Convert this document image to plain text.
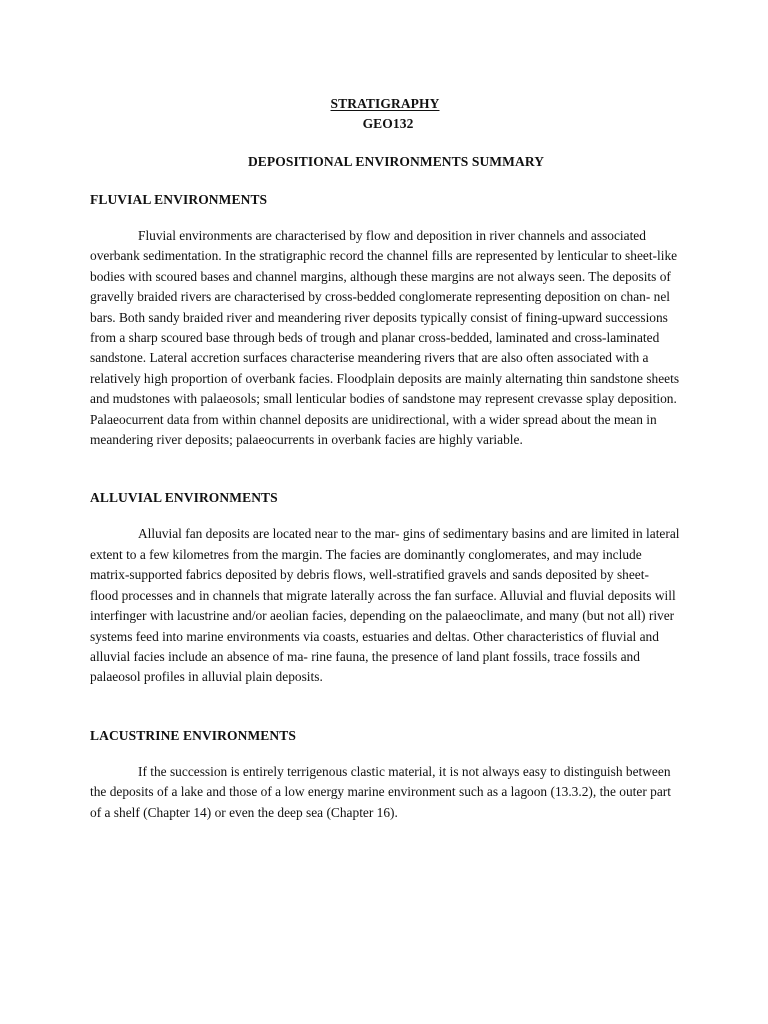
STRATIGRAPHY
GEO132
DEPOSITIONAL ENVIRONMENTS SUMMARY
FLUVIAL ENVIRONMENTS

Fluvial environments are characterised by flow and deposition in river channels and associated overbank sedimentation. In the stratigraphic record the channel fills are represented by lenticular to sheet-like bodies with scoured bases and channel margins, although these margins are not always seen. The deposits of gravelly braided rivers are characterised by cross-bedded conglomerate representing deposition on chan- nel bars. Both sandy braided river and meandering river deposits typically consist of fining-upward successions from a sharp scoured base through beds of trough and planar cross-bedded, laminated and cross-laminated sandstone. Lateral accretion surfaces characterise meandering rivers that are also often associated with a relatively high proportion of overbank facies. Floodplain deposits are mainly alternating thin sandstone sheets and mudstones with palaeosols; small lenticular bodies of sandstone may represent crevasse splay deposition. Palaeocurrent data from within channel deposits are unidirectional, with a wider spread about the mean in meandering river deposits; palaeocurrents in overbank facies are highly variable.

ALLUVIAL ENVIRONMENTS

Alluvial fan deposits are located near to the mar- gins of sedimentary basins and are limited in lateral extent to a few kilometres from the margin. The facies are dominantly conglomerates, and may include matrix-supported fabrics deposited by debris flows, well-stratified gravels and sands deposited by sheet- flood processes and in channels that migrate laterally across the fan surface. Alluvial and fluvial deposits will interfinger with lacustrine and/or aeolian facies, depending on the palaeoclimate, and many (but not all) river systems feed into marine environments via coasts, estuaries and deltas. Other characteristics of fluvial and alluvial facies include an absence of ma- rine fauna, the presence of land plant fossils, trace fossils and palaeosol profiles in alluvial plain deposits.

LACUSTRINE ENVIRONMENTS

If the succession is entirely terrigenous clastic material, it is not always easy to distinguish between the deposits of a lake and those of a low energy marine environment such as a lagoon (13.3.2), the outer part of a shelf (Chapter 14) or even the deep sea (Chapter 16).
